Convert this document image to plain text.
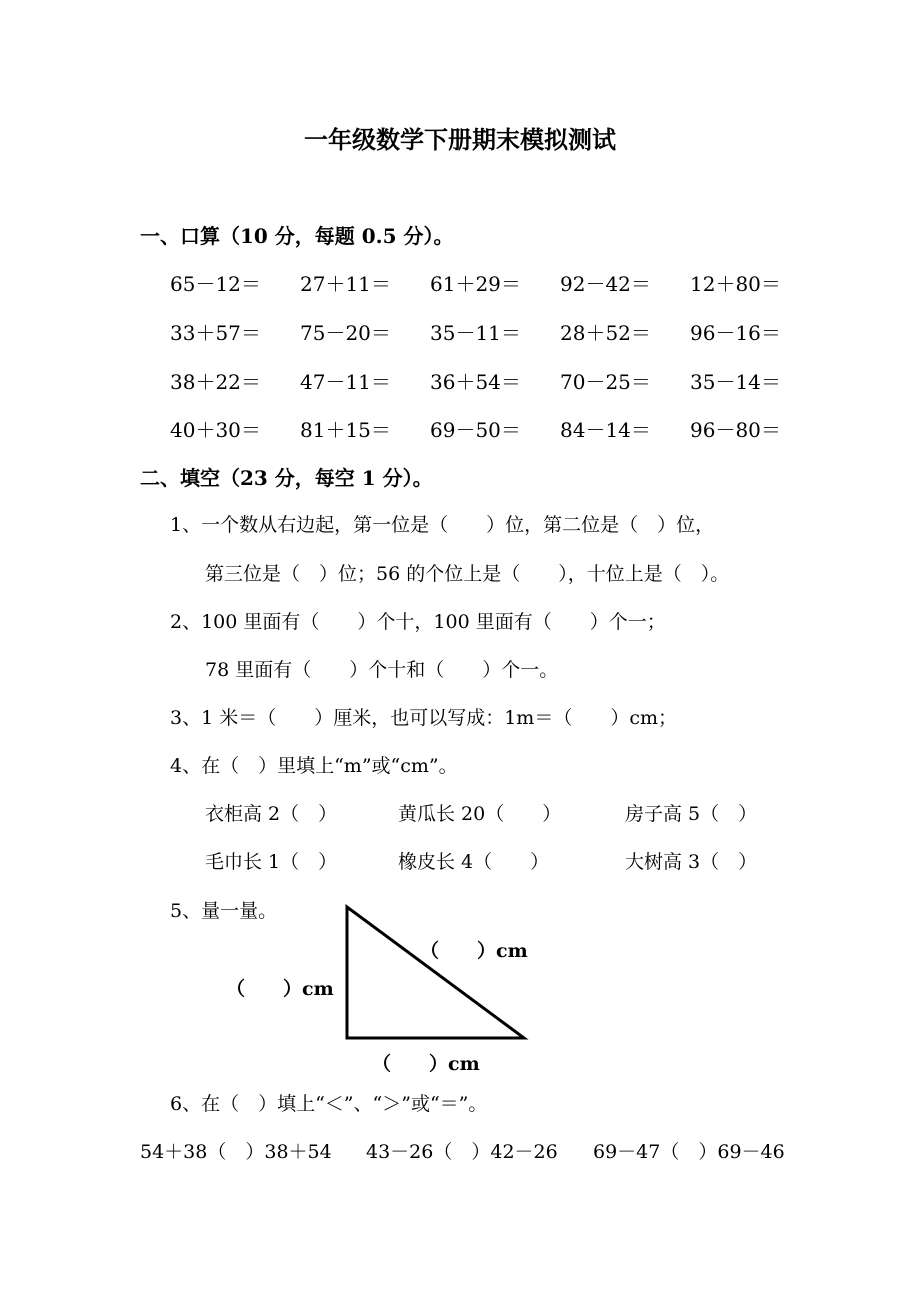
一年级数学下册期末模拟测试
一、口算（10 分，每题 0.5 分）。
65－12＝ 27＋11＝ 61＋29＝ 92－42＝ 12＋80＝
33＋57＝ 75－20＝ 35－11＝ 28＋52＝ 96－16＝
38＋22＝ 47－11＝ 36＋54＝ 70－25＝ 35－14＝
40＋30＝ 81＋15＝ 69－50＝ 84－14＝ 96－80＝
二、填空（23 分，每空 1 分）。
1、一个数从右边起，第一位是（　　）位，第二位是（　）位，
第三位是（　）位；56 的个位上是（　　），十位上是（　）。
2、100 里面有（　　）个十，100 里面有（　　）个一；
78 里面有（　　）个十和（　　）个一。
3、1 米＝（　　）厘米，也可以写成：1m＝（　　）cm；
4、在（　）里填上“m”或“cm”。
衣柜高 2（　）	黄瓜长 20（　　）	房子高 5（　）
毛巾长 1（　）	橡皮长 4（　　）	大树高 3（　）
5、量一量。
（　　）cm
（　　）cm
（　　）cm
6、在（　）填上“＜”、“＞”或“＝”。
54＋38（　）38＋54 43－26（　）42－26 69－47（　）69－46
